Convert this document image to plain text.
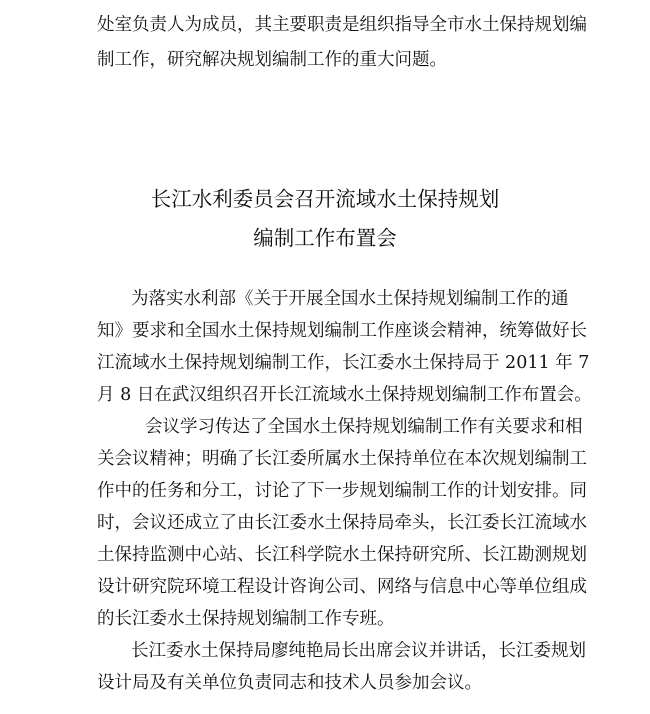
处室负责人为成员，其主要职责是组织指导全市水土保持规划编
制工作，研究解决规划编制工作的重大问题。
长江水利委员会召开流域水土保持规划
编制工作布置会
为落实水利部《关于开展全国水土保持规划编制工作的通
知》要求和全国水土保持规划编制工作座谈会精神，统筹做好长
江流域水土保持规划编制工作，长江委水土保持局于 2011 年 7
月 8 日在武汉组织召开长江流域水土保持规划编制工作布置会。
会议学习传达了全国水土保持规划编制工作有关要求和相
关会议精神；明确了长江委所属水土保持单位在本次规划编制工
作中的任务和分工，讨论了下一步规划编制工作的计划安排。同
时，会议还成立了由长江委水土保持局牵头，长江委长江流域水
土保持监测中心站、长江科学院水土保持研究所、长江勘测规划
设计研究院环境工程设计咨询公司、网络与信息中心等单位组成
的长江委水土保持规划编制工作专班。
长江委水土保持局廖纯艳局长出席会议并讲话，长江委规划
设计局及有关单位负责同志和技术人员参加会议。
